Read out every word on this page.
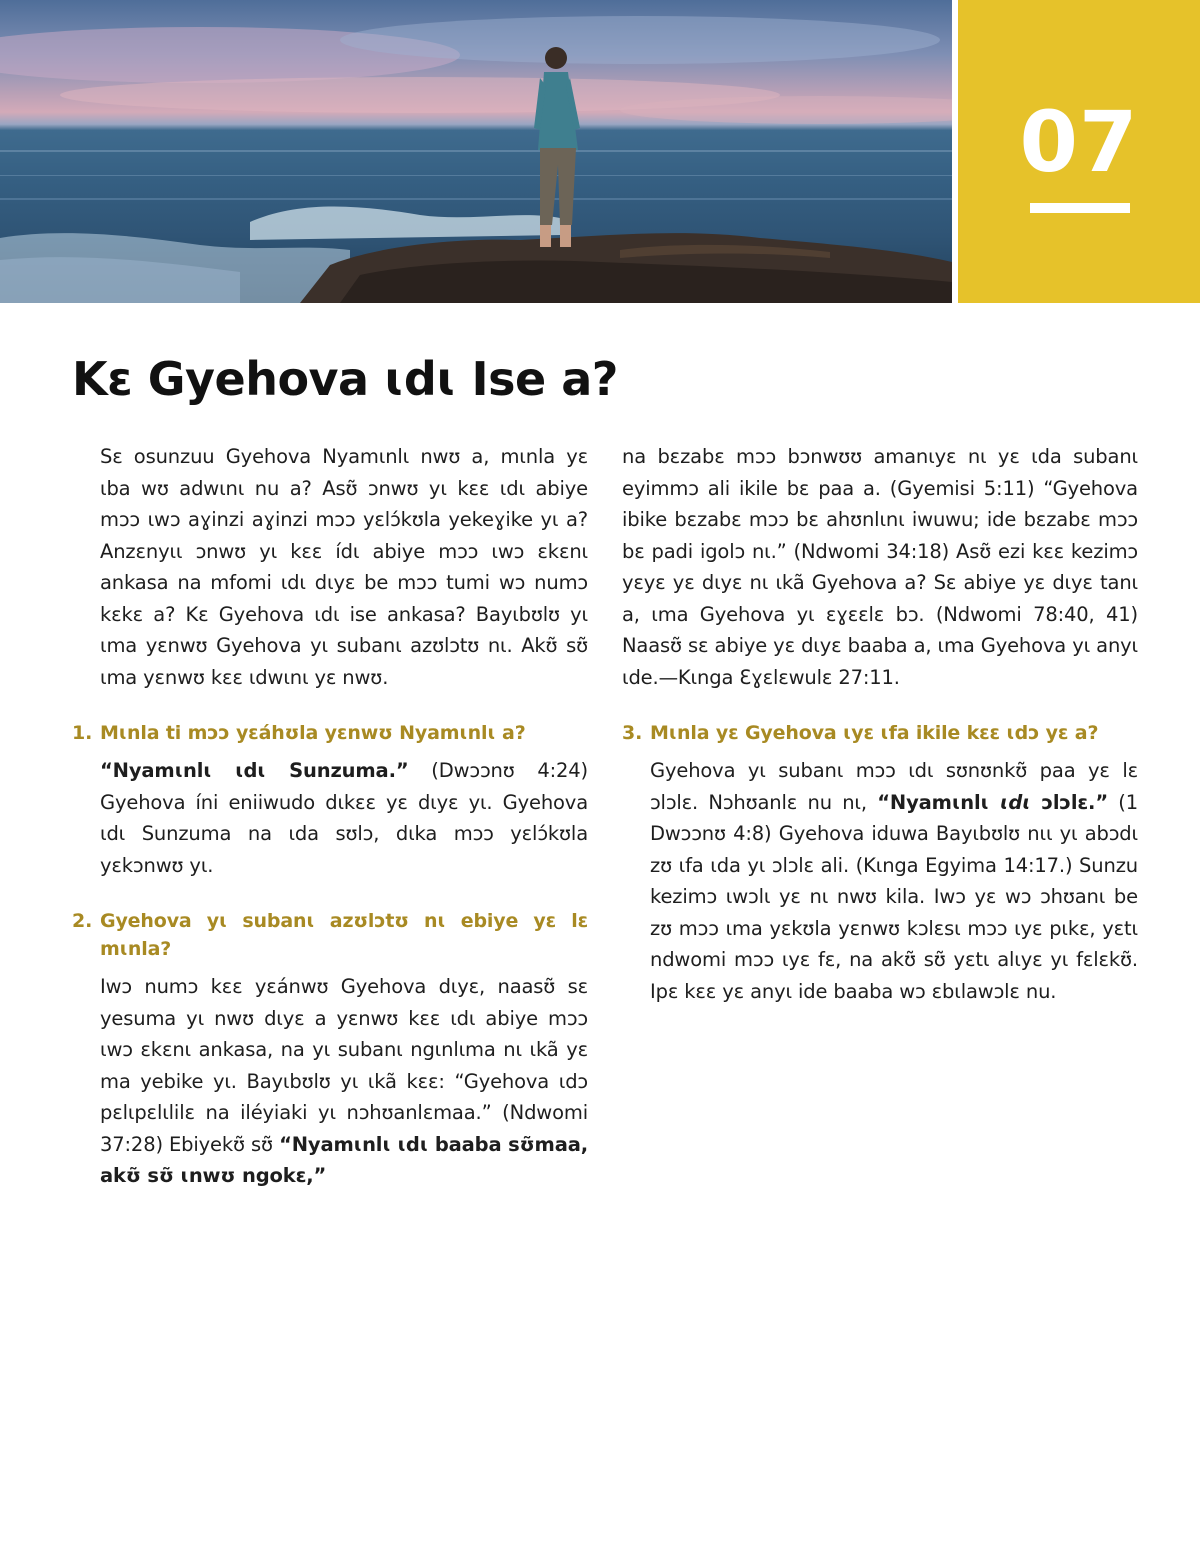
07
Kɛ Gyehova ɩdɩ Ise a?

Sɛ osunzuu Gyehova Nyamɩnlɩ nwʊ a, mɩnla yɛ ɩba wʊ adwɩnɩ nu a? Asʊ̃ ɔnwʊ yɩ kɛɛ ɩdɩ abiye mɔɔ ɩwɔ aɣinzi aɣinzi mɔɔ yɛlɔ́kʊla yekeɣike yɩ a? Anzɛnyɩɩ ɔnwʊ yɩ kɛɛ ídɩ abiye mɔɔ ɩwɔ ɛkɛnɩ ankasa na mfomi ɩdɩ dɩyɛ be mɔɔ tumi wɔ numɔ kɛkɛ a? Kɛ Gyehova ɩdɩ ise ankasa? Bayɩbʊlʊ yɩ ɩma yɛnwʊ Gyehova yɩ subanɩ azʊlɔtʊ nɩ. Akʊ̃ sʊ̃ ɩma yɛnwʊ kɛɛ ɩdwɩnɩ yɛ nwʊ.

1. Mɩnla ti mɔɔ yɛáhʊla yɛnwʊ Nyamɩnlɩ a?

“Nyamɩnlɩ ɩdɩ Sunzuma.” (Dwɔɔnʊ 4:24) Gyehova íni eniiwudo dɩkɛɛ yɛ dɩyɛ yɩ. Gyehova ɩdɩ Sunzuma na ɩda sʊlɔ, dɩka mɔɔ yɛlɔ́kʊla yɛkɔnwʊ yɩ.

2. Gyehova yɩ subanɩ azʊlɔtʊ nɩ ebiye yɛ lɛ mɩnla?

Iwɔ numɔ kɛɛ yɛánwʊ Gyehova dɩyɛ, naasʊ̃ sɛ yesuma yɩ nwʊ dɩyɛ a yɛnwʊ kɛɛ ɩdɩ abiye mɔɔ ɩwɔ ɛkɛnɩ ankasa, na yɩ subanɩ ngɩnlɩma nɩ ɩkã yɛ ma yebike yɩ. Bayɩbʊlʊ yɩ ɩkã kɛɛ: “Gyehova ɩdɔ pɛlɩpɛlɩlilɛ na iléyiaki yɩ nɔhʊanlɛmaa.” (Ndwomi 37:28) Ebiyekʊ̃ sʊ̃ “Nyamɩnlɩ ɩdɩ baaba sʊ̃maa, akʊ̃ sʊ̃ ɩnwʊ ngokɛ,”

na bɛzabɛ mɔɔ bɔnwʊʊ amanɩyɛ nɩ yɛ ɩda subanɩ eyimmɔ ali ikile bɛ paa a. (Gyemisi 5:11) “Gyehova ibike bɛzabɛ mɔɔ bɛ ahʊnlɩnɩ iwuwu; ide bɛzabɛ mɔɔ bɛ padi igolɔ nɩ.” (Ndwomi 34:18) Asʊ̃ ezi kɛɛ kezimɔ yɛyɛ yɛ dɩyɛ nɩ ɩkã Gyehova a? Sɛ abiye yɛ dɩyɛ tanɩ a, ɩma Gyehova yɩ ɛɣɛɛlɛ bɔ. (Ndwomi 78:40, 41) Naasʊ̃ sɛ abiye yɛ dɩyɛ baaba a, ɩma Gyehova yɩ anyɩ ɩde.—Kɩnga Ɛɣɛlɛwulɛ 27:11.

3. Mɩnla yɛ Gyehova ɩyɛ ɩfa ikile kɛɛ ɩdɔ yɛ a?

Gyehova yɩ subanɩ mɔɔ ɩdɩ sʊnʊnkʊ̃ paa yɛ lɛ ɔlɔlɛ. Nɔhʊanlɛ nu nɩ, “Nyamɩnlɩ ɩdɩ ɔlɔlɛ.” (1 Dwɔɔnʊ 4:8) Gyehova iduwa Bayɩbʊlʊ nɩɩ yɩ abɔdɩ zʊ ɩfa ɩda yɩ ɔlɔlɛ ali. (Kɩnga Egyima 14:17.) Sunzu kezimɔ ɩwɔlɩ yɛ nɩ nwʊ kila. Iwɔ yɛ wɔ ɔhʊanɩ be zʊ mɔɔ ɩma yɛkʊla yɛnwʊ kɔlɛsɩ mɔɔ ɩyɛ pɩkɛ, yɛtɩ ndwomi mɔɔ ɩyɛ fɛ, na akʊ̃ sʊ̃ yɛtɩ alɩyɛ yɩ fɛlɛkʊ̃. Ipɛ kɛɛ yɛ anyɩ ide baaba wɔ ɛbɩlawɔlɛ nu.
